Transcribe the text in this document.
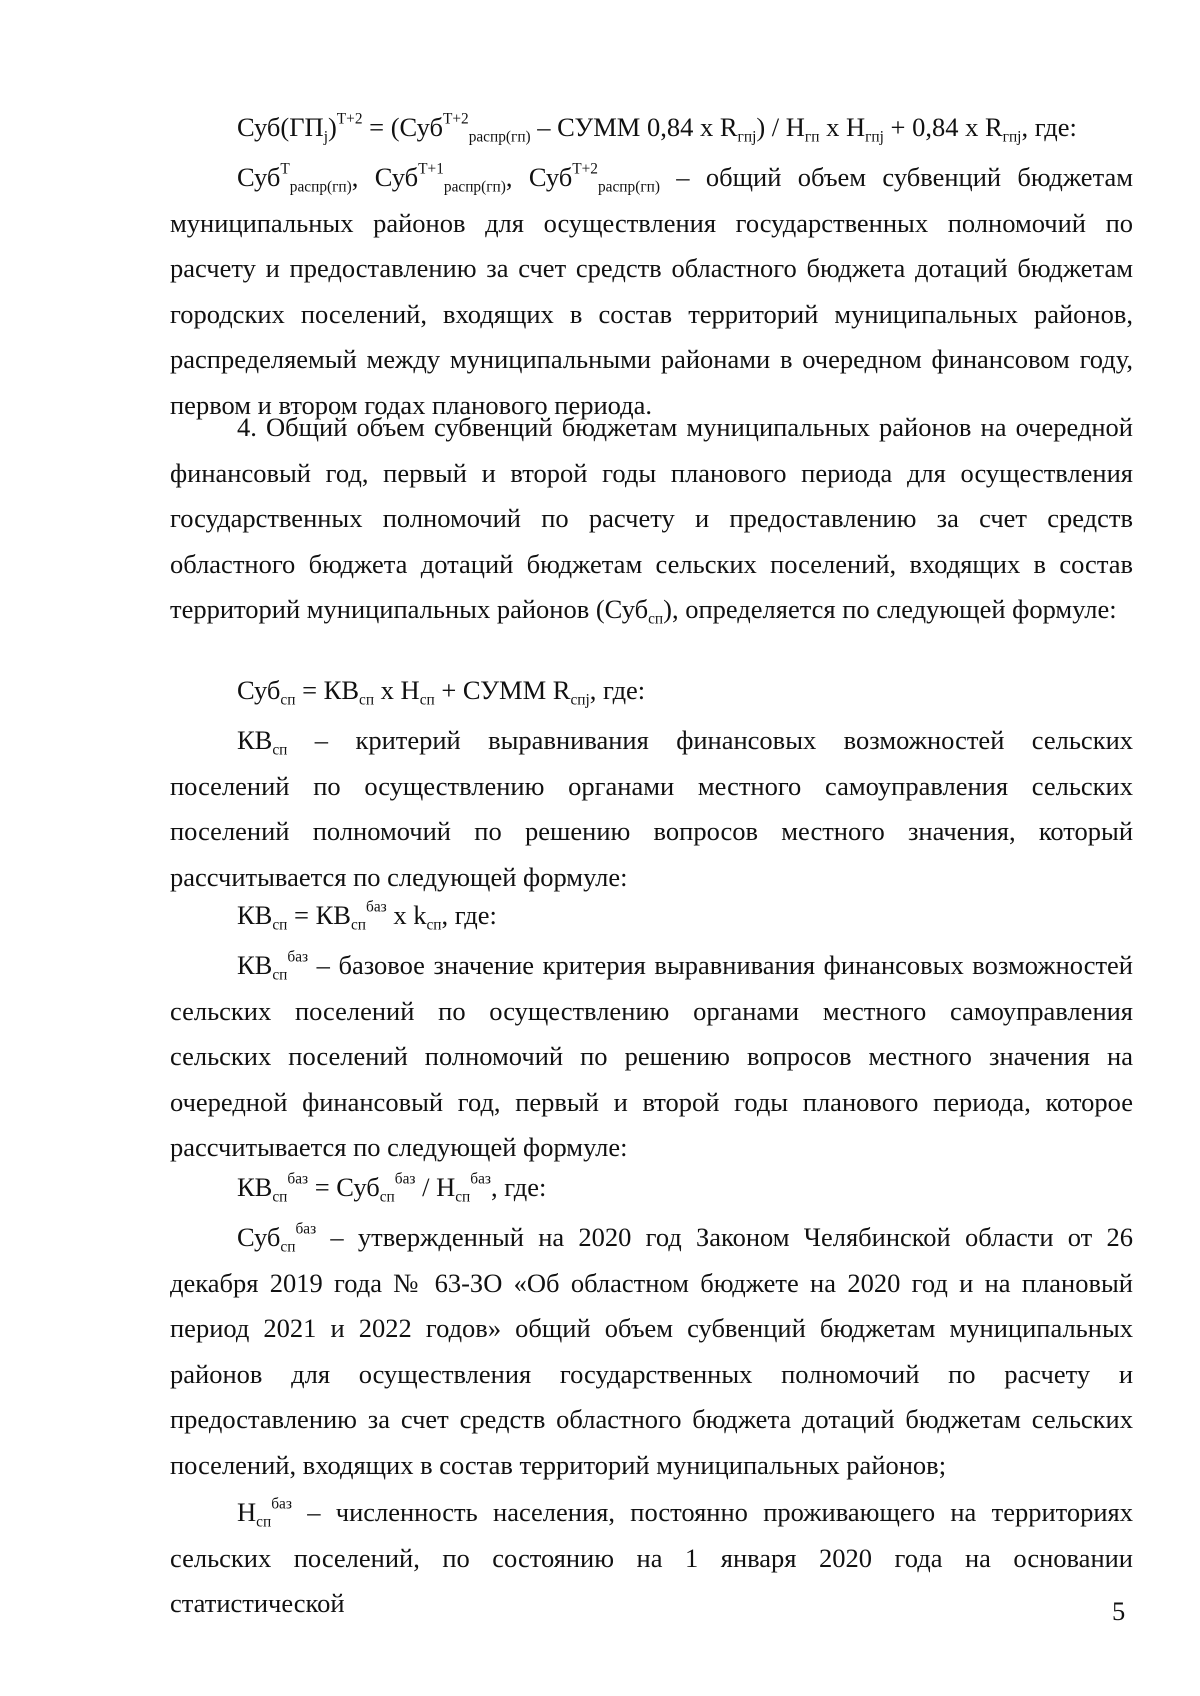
$Суб(ГП_j)^{Т+2} = (Суб^{Т+2}_{распр(гп)}$ – СУММ 0,84 x $R_{гпj}) / Н_{гп}$ x $Н_{гпj} + 0,84$ x $R_{гпj}$, где:
Суб$^Т_{распр(гп)}$, Суб$^{Т+1}_{распр(гп)}$, Суб$^{Т+2}_{распр(гп)}$ – общий объем субвенций бюджетам муниципальных районов для осуществления государственных полномочий по расчету и предоставлению за счет средств областного бюджета дотаций бюджетам городских поселений, входящих в состав территорий муниципальных районов, распределяемый между муниципальными районами в очередном финансовом году, первом и втором годах планового периода.
4. Общий объем субвенций бюджетам муниципальных районов на очередной финансовый год, первый и второй годы планового периода для осуществления государственных полномочий по расчету и предоставлению за счет средств областного бюджета дотаций бюджетам сельских поселений, входящих в состав территорий муниципальных районов (Суб$_{сп}$), определяется по следующей формуле:
$Суб_{сп} = КВ_{сп}$ x $Н_{сп}$ + СУММ $R_{спj}$, где:
$КВ_{сп}$ – критерий выравнивания финансовых возможностей сельских поселений по осуществлению органами местного самоуправления сельских поселений полномочий по решению вопросов местного значения, который рассчитывается по следующей формуле:
$КВ_{сп} = КВ_{сп}^{баз}$ x $k_{сп}$, где:
$КВ_{сп}^{баз}$ – базовое значение критерия выравнивания финансовых возможностей сельских поселений по осуществлению органами местного самоуправления сельских поселений полномочий по решению вопросов местного значения на очередной финансовый год, первый и второй годы планового периода, которое рассчитывается по следующей формуле:
$КВ_{сп}^{баз} = Суб_{сп}^{баз} / Н_{сп}^{баз}$, где:
Суб$_{сп}^{баз}$ – утвержденный на 2020 год Законом Челябинской области от 26 декабря 2019 года № 63-ЗО «Об областном бюджете на 2020 год и на плановый период 2021 и 2022 годов» общий объем субвенций бюджетам муниципальных районов для осуществления государственных полномочий по расчету и предоставлению за счет средств областного бюджета дотаций бюджетам сельских поселений, входящих в состав территорий муниципальных районов;
$Н_{сп}^{баз}$ – численность населения, постоянно проживающего на территориях сельских поселений, по состоянию на 1 января 2020 года на основании статистической	5
